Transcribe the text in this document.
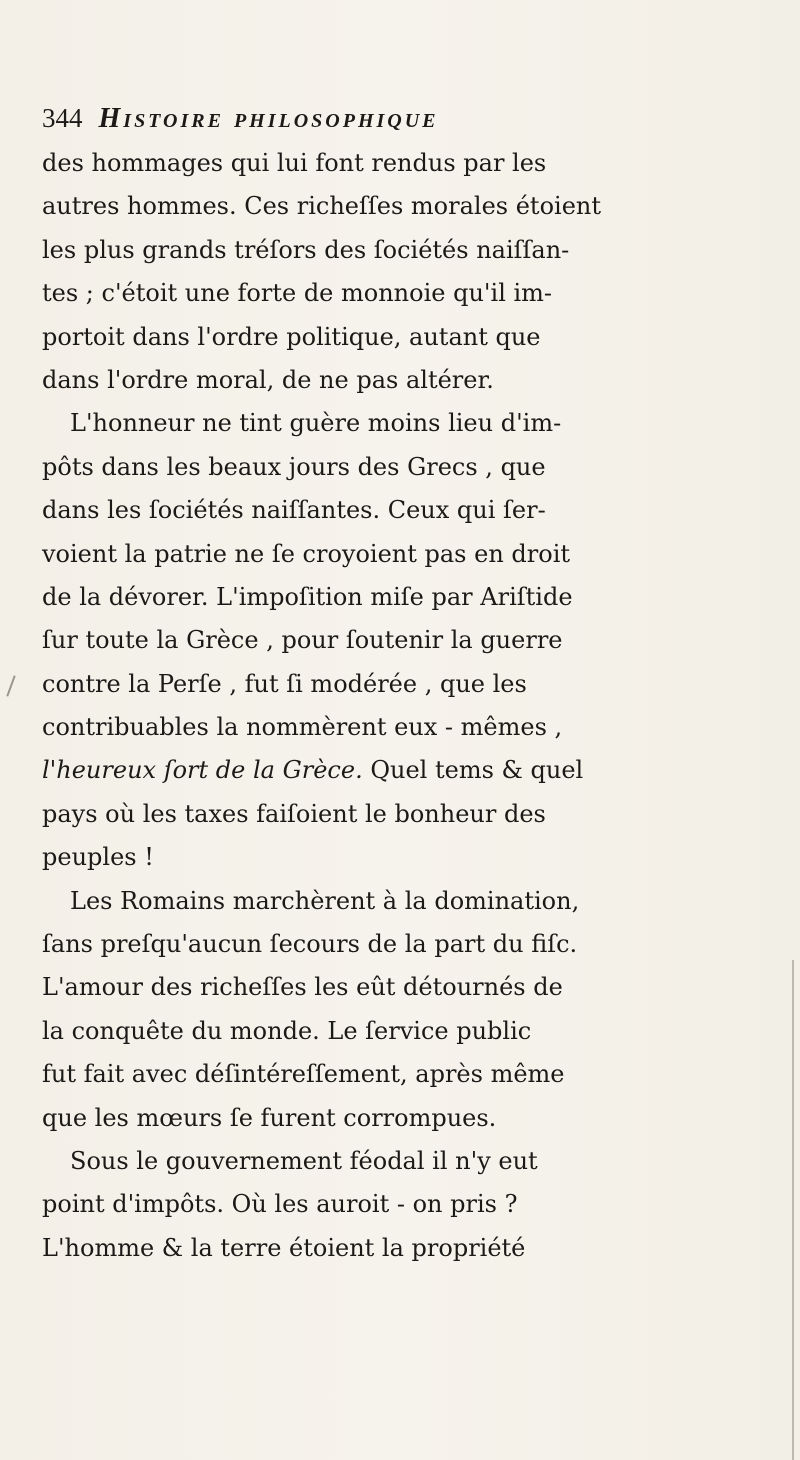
344 Histoire philosophique
des hommages qui lui font rendus par les
autres hommes. Ces richeſſes morales étoient
les plus grands tréſors des ſociétés naiſſan-
tes ; c'étoit une forte de monnoie qu'il im-
portoit dans l'ordre politique, autant que
dans l'ordre moral, de ne pas altérer.
L'honneur ne tint guère moins lieu d'im-
pôts dans les beaux jours des Grecs , que
dans les ſociétés naiſſantes. Ceux qui ſer-
voient la patrie ne ſe croyoient pas en droit
de la dévorer. L'impoſition miſe par Ariſtide
ſur toute la Grèce , pour ſoutenir la guerre
contre la Perſe , fut ſi modérée , que les
contribuables la nommèrent eux - mêmes ,
l'heureux ſort de la Grèce. Quel tems & quel
pays où les taxes faiſoient le bonheur des
peuples !
Les Romains marchèrent à la domination,
ſans preſqu'aucun ſecours de la part du fiſc.
L'amour des richeſſes les eût détournés de
la conquête du monde. Le ſervice public
fut fait avec déſintéreſſement, après même
que les mœurs ſe furent corrompues.
Sous le gouvernement féodal il n'y eut
point d'impôts. Où les auroit - on pris ?
L'homme & la terre étoient la propriété
